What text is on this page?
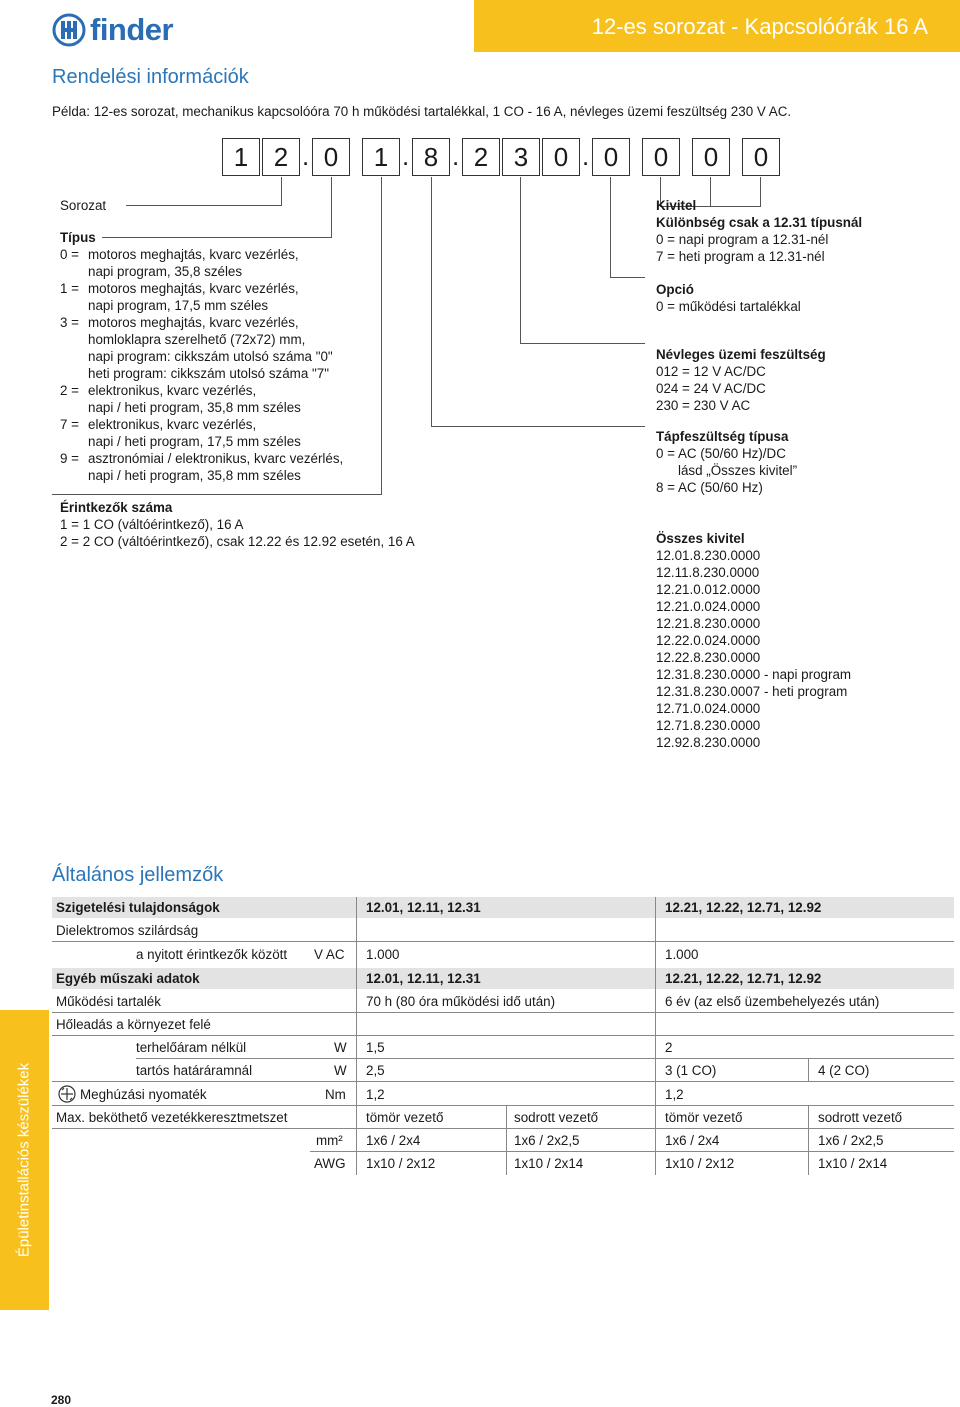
finder	12-es sorozat - Kapcsolóórák 16 A
Rendelési információk
Példa: 12-es sorozat, mechanikus kapcsolóóra 70 h működési tartalékkal, 1 CO - 16 A, névleges üzemi feszültség 230 V AC.
1 2 . 0	1 . 8 . 2 3 0 . 0	0	0	0
Sorozat
Típus
0 = motoros meghajtás, kvarc vezérlés,
napi program, 35,8 széles
1 = motoros meghajtás, kvarc vezérlés,
napi program, 17,5 mm széles
3 = motoros meghajtás, kvarc vezérlés,
homloklapra szerelhető (72x72) mm,
napi program: cikkszám utolsó száma "0"
heti program: cikkszám utolsó száma "7"
2 = elektronikus, kvarc vezérlés,
napi / heti program, 35,8 mm széles
7 = elektronikus, kvarc vezérlés,
napi / heti program, 17,5 mm széles
9 = asztronómiai / elektronikus, kvarc vezérlés,
napi / heti program, 35,8 mm széles
Érintkezők száma
1 = 1 CO (váltóérintkező), 16 A
2 = 2 CO (váltóérintkező), csak 12.22 és 12.92 esetén, 16 A
Kivitel
Különbség csak a 12.31 típusnál
0 = napi program a 12.31-nél
7 = heti program a 12.31-nél
Opció
0 = működési tartalékkal
Névleges üzemi feszültség
012 = 12 V AC/DC
024 = 24 V AC/DC
230 = 230 V AC
Tápfeszültség típusa
0 = AC (50/60 Hz)/DC
lásd „Összes kivitel”
8 = AC (50/60 Hz)
Összes kivitel
12.01.8.230.0000
12.11.8.230.0000
12.21.0.012.0000
12.21.0.024.0000
12.21.8.230.0000
12.22.0.024.0000
12.22.8.230.0000
12.31.8.230.0000 - napi program
12.31.8.230.0007 - heti program
12.71.0.024.0000
12.71.8.230.0000
12.92.8.230.0000
Általános jellemzők
Szigetelési tulajdonságok	12.01, 12.11, 12.31	12.21, 12.22, 12.71, 12.92
Dielektromos szilárdság
a nyitott érintkezők között V AC 1.000	1.000
Egyéb műszaki adatok	12.01, 12.11, 12.31	12.21, 12.22, 12.71, 12.92
Működési tartalék	70 h (80 óra működési idő után)	6 év (az első üzembehelyezés után)
Hőleadás a környezet felé
terhelőáram nélkül	W 1,5	2
tartós határáramnál	W 2,5	3 (1 CO)	4 (2 CO)
Meghúzási nyomaték	Nm 1,2	1,2
Max. beköthető vezetékkeresztmetszet	tömör vezető	sodrott vezető	tömör vezető	sodrott vezető
mm² 1x6 / 2x4	1x6 / 2x2,5	1x6 / 2x4	1x6 / 2x2,5
AWG 1x10 / 2x12	1x10 / 2x14	1x10 / 2x12	1x10 / 2x14
Épületinstallációs készülékek
280
